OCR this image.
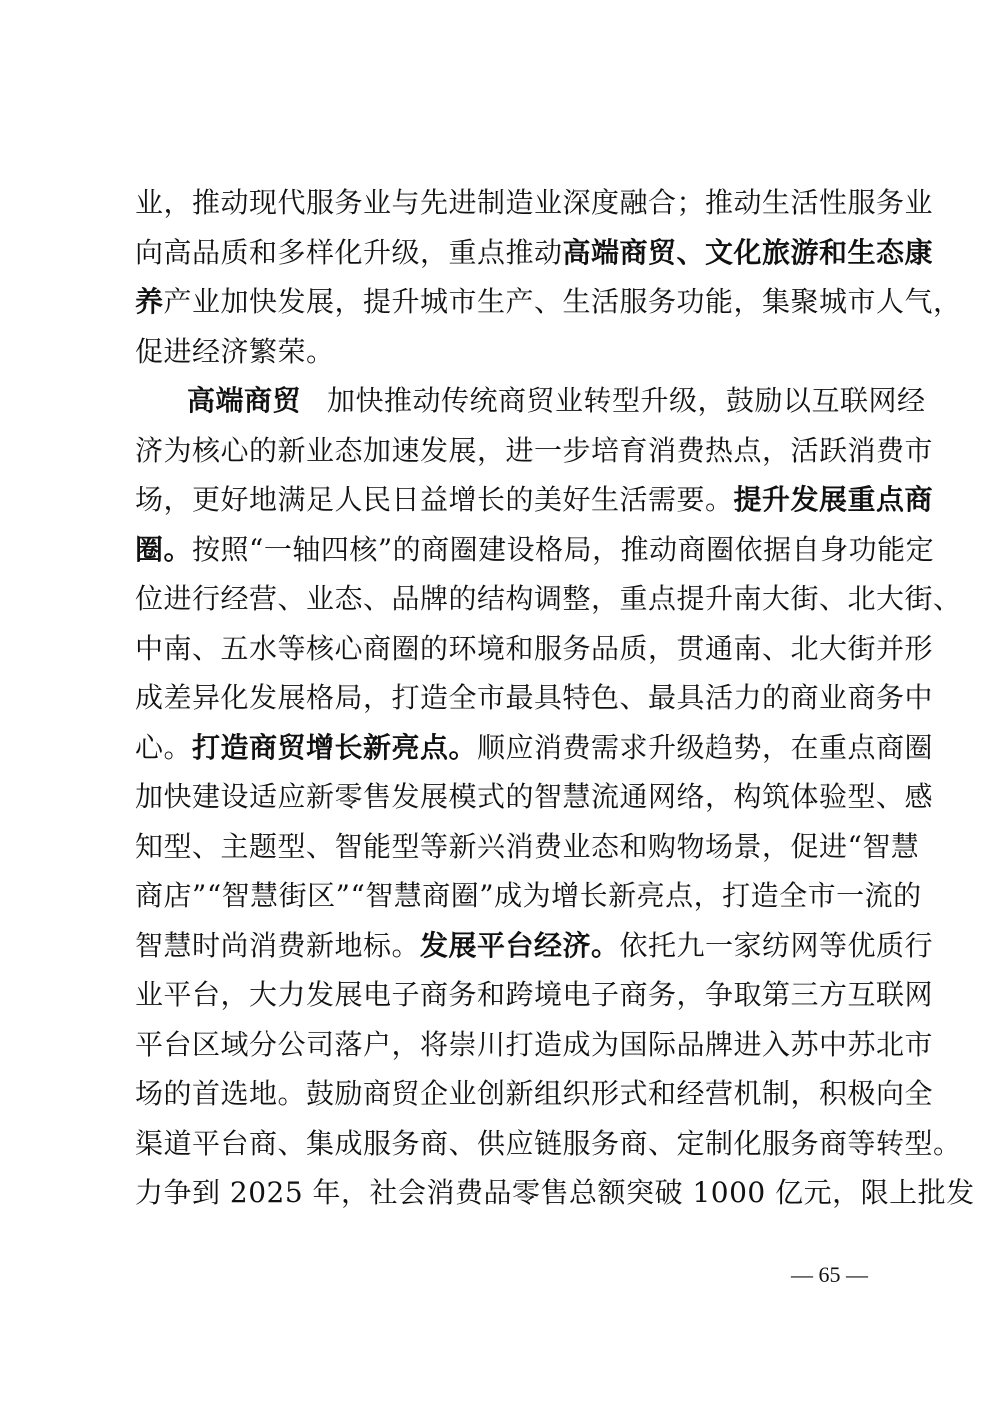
业，推动现代服务业与先进制造业深度融合；推动生活性服务业
向高品质和多样化升级，重点推动高端商贸、文化旅游和生态康
养产业加快发展，提升城市生产、生活服务功能，集聚城市人气，
促进经济繁荣。
高端商贸 加快推动传统商贸业转型升级，鼓励以互联网经
济为核心的新业态加速发展，进一步培育消费热点，活跃消费市
场，更好地满足人民日益增长的美好生活需要。提升发展重点商
圈。按照“一轴四核”的商圈建设格局，推动商圈依据自身功能定
位进行经营、业态、品牌的结构调整，重点提升南大街、北大街、
中南、五水等核心商圈的环境和服务品质，贯通南、北大街并形
成差异化发展格局，打造全市最具特色、最具活力的商业商务中
心。打造商贸增长新亮点。顺应消费需求升级趋势，在重点商圈
加快建设适应新零售发展模式的智慧流通网络，构筑体验型、感
知型、主题型、智能型等新兴消费业态和购物场景，促进“智慧
商店”“智慧街区”“智慧商圈”成为增长新亮点，打造全市一流的
智慧时尚消费新地标。发展平台经济。依托九一家纺网等优质行
业平台，大力发展电子商务和跨境电子商务，争取第三方互联网
平台区域分公司落户，将崇川打造成为国际品牌进入苏中苏北市
场的首选地。鼓励商贸企业创新组织形式和经营机制，积极向全
渠道平台商、集成服务商、供应链服务商、定制化服务商等转型。
力争到 2025 年，社会消费品零售总额突破 1000 亿元，限上批发
— 65 —
